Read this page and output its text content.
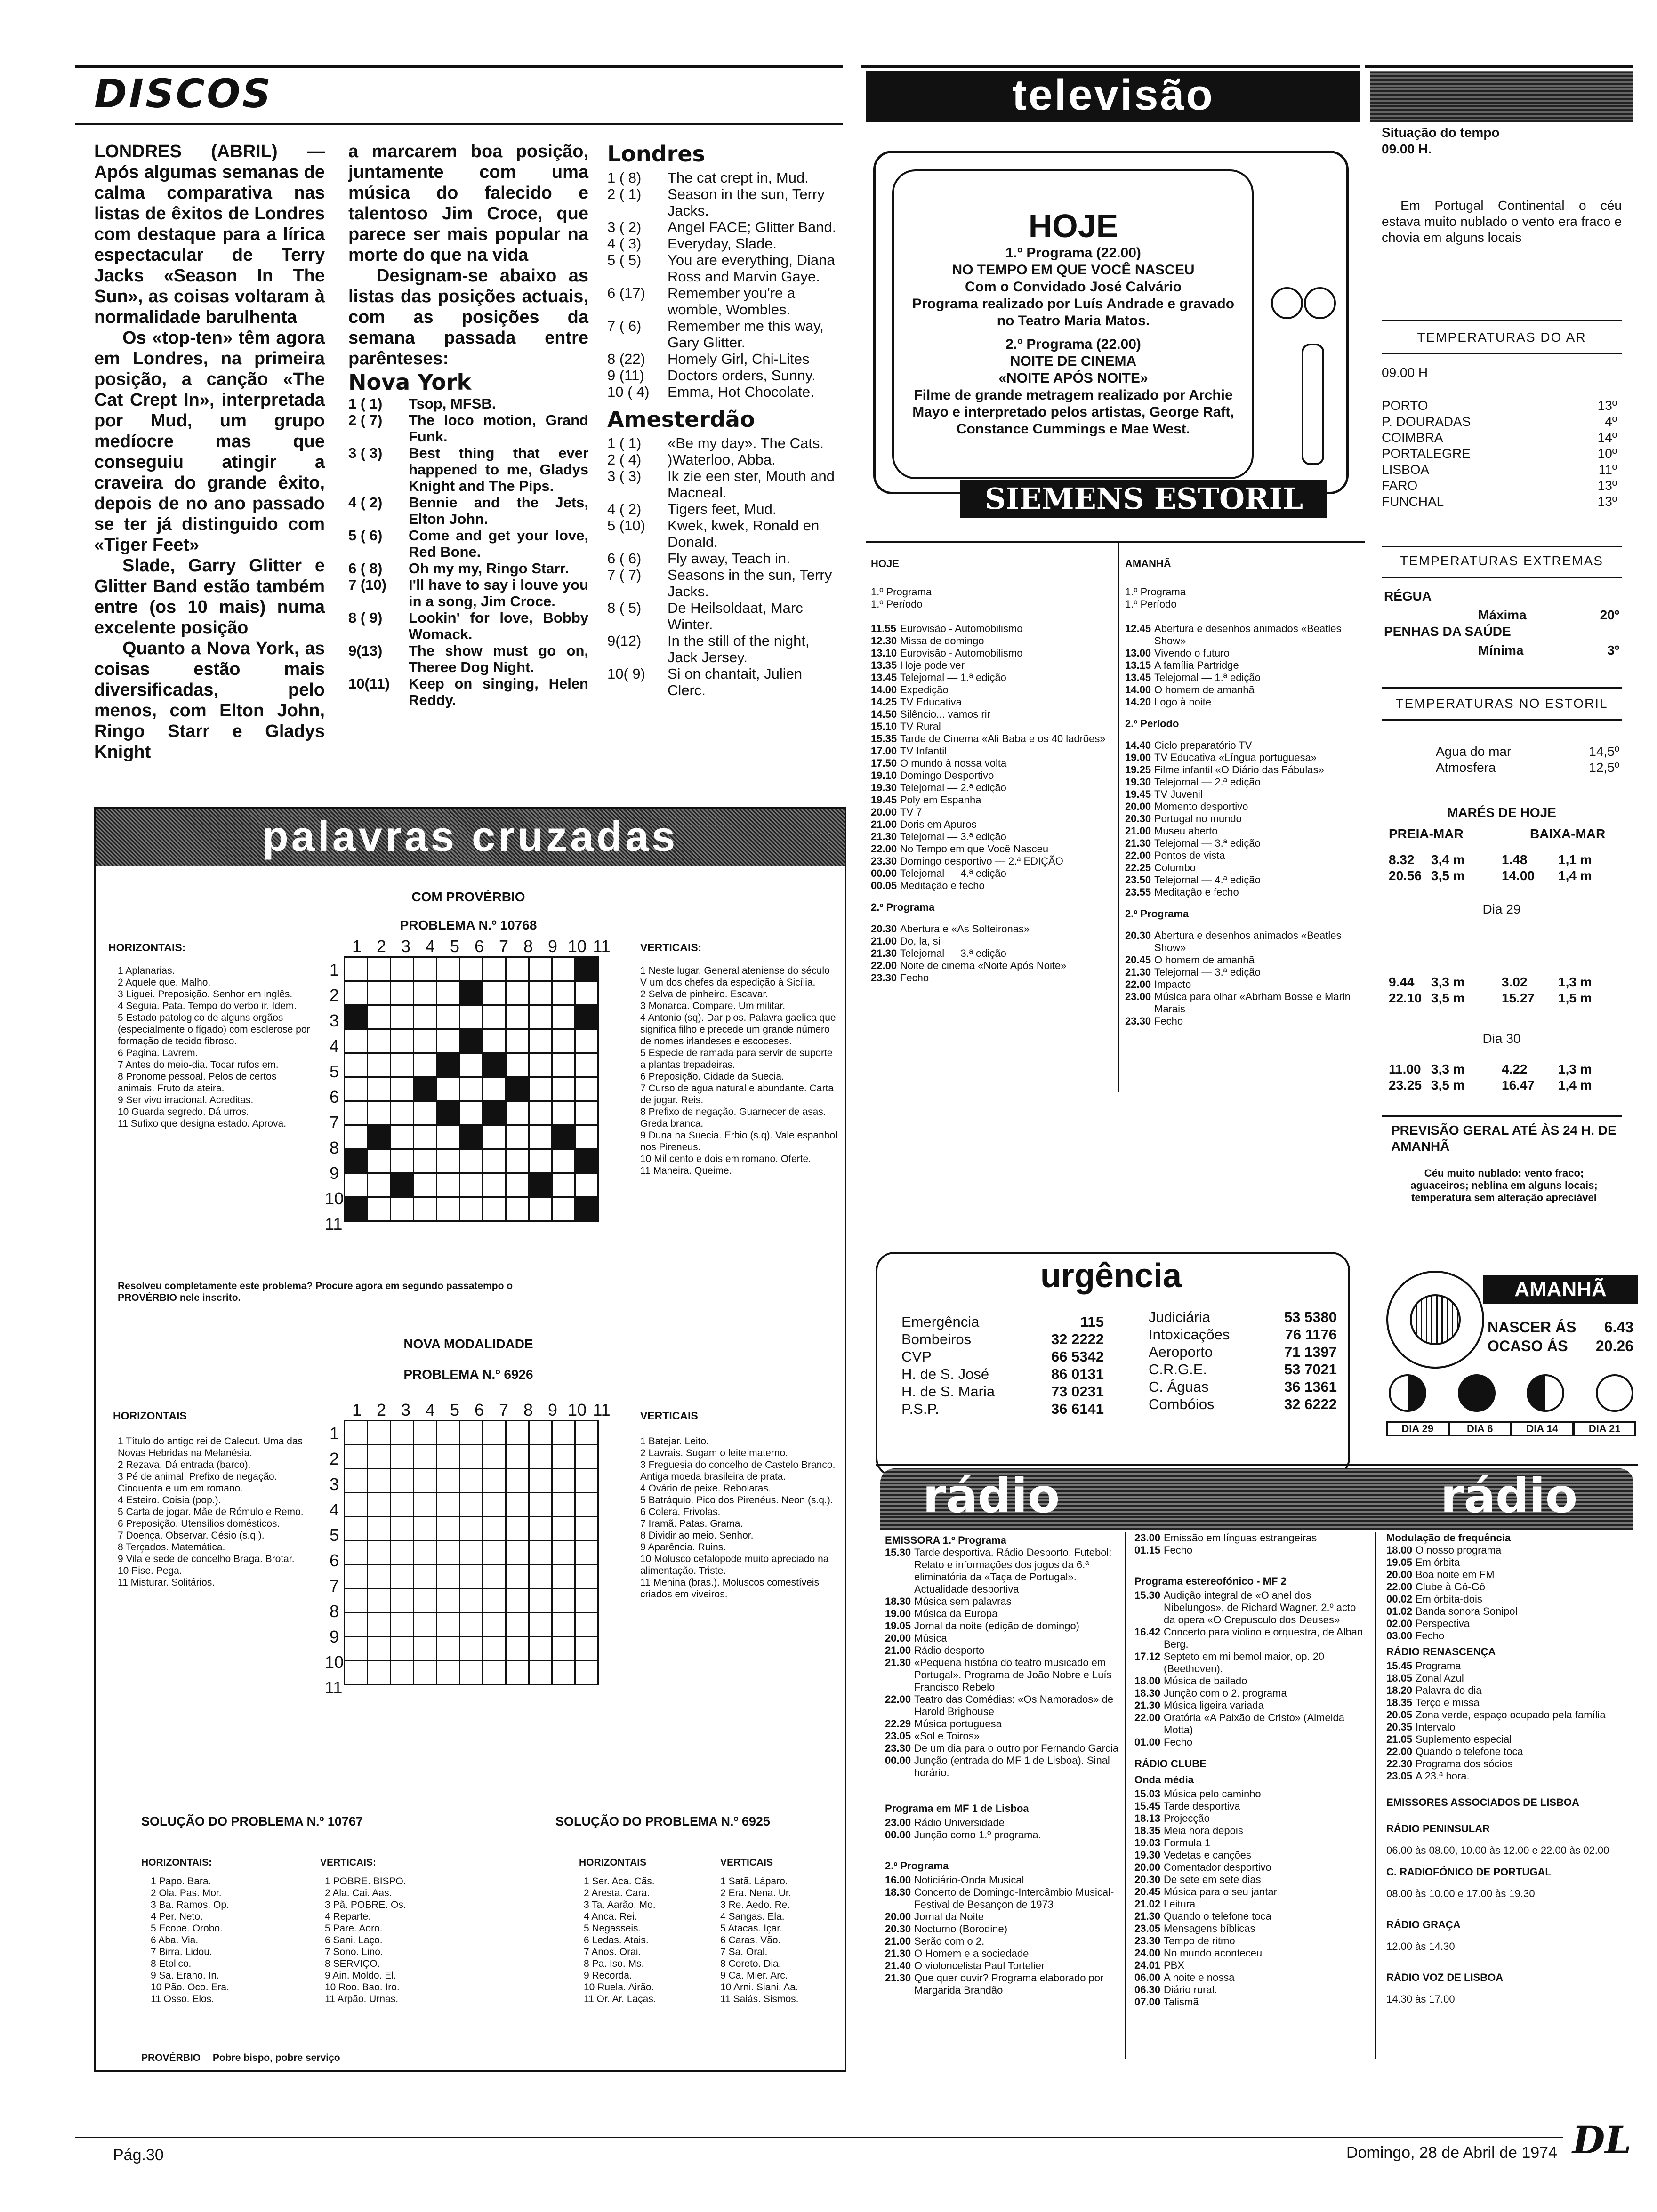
DISCOS

LONDRES (ABRIL) — Após algumas semanas de calma comparativa nas listas de êxitos de Londres com destaque para a lírica espectacular de Terry Jacks «Season In The Sun», as coisas voltaram à normalidade barulhenta

Os «top-ten» têm agora em Londres, na primeira posição, a canção «The Cat Crept In», interpretada por Mud, um grupo medíocre mas que conseguiu atingir a craveira do grande êxito, depois de no ano passado se ter já distinguido com «Tiger Feet»

Slade, Garry Glitter e Glitter Band estão também entre (os 10 mais) numa excelente posição

Quanto a Nova York, as coisas estão mais diversificadas, pelo menos, com Elton John, Ringo Starr e Gladys Knight

a marcarem boa posição, juntamente com uma música do falecido e talentoso Jim Croce, que parece ser mais popular na morte do que na vida

Designam-se abaixo as listas das posições actuais, com as posições da semana passada entre parênteses:

Nova York
1 ( 1)	Tsop, MFSB.
2 ( 7)	The loco motion, Grand Funk.
3 ( 3)	Best thing that ever happened to me, Gladys Knight and The Pips.
4 ( 2)	Bennie and the Jets, Elton John.
5 ( 6)	Come and get your love, Red Bone.
6 ( 8)	Oh my my, Ringo Starr.
7 (10)	I'll have to say i louve you in a song, Jim Croce.
8 ( 9)	Lookin' for love, Bobby Womack.
9(13)	The show must go on, Theree Dog Night.
10(11)	Keep on singing, Helen Reddy.
Londres
1 ( 8)	The cat crept in, Mud.
2 ( 1)	Season in the sun, Terry Jacks.
3 ( 2)	Angel FACE; Glitter Band.
4 ( 3)	Everyday, Slade.
5 ( 5)	You are everything, Diana Ross and Marvin Gaye.
6 (17)	Remember you're a womble, Wombles.
7 ( 6)	Remember me this way, Gary Glitter.
8 (22)	Homely Girl, Chi-Lites
9 (11)	Doctors orders, Sunny.
10 ( 4)	Emma, Hot Chocolate.
Amesterdão
1 ( 1)	«Be my day». The Cats.
2 ( 4)	)Waterloo, Abba.
3 ( 3)	Ik zie een ster, Mouth and Macneal.
4 ( 2)	Tigers feet, Mud.
5 (10)	Kwek, kwek, Ronald en Donald.
6 ( 6)	Fly away, Teach in.
7 ( 7)	Seasons in the sun, Terry Jacks.
8 ( 5)	De Heilsoldaat, Marc Winter.
9(12)	In the still of the night, Jack Jersey.
10( 9)	Si on chantait, Julien Clerc.
palavras cruzadas
COM PROVÉRBIO
PROBLEMA N.º 10768
HORIZONTAIS:
1 Aplanarias.
2 Aquele que. Malho.
3 Liguei. Preposição. Senhor em inglês.
4 Seguia. Pata. Tempo do verbo ir. Idem.
5 Estado patologico de alguns orgãos (especialmente o fígado) com esclerose por formação de tecido fibroso.
6 Pagina. Lavrem.
7 Antes do meio-dia. Tocar rufos em.
8 Pronome pessoal. Pelos de certos animais. Fruto da ateira.
9 Ser vivo irracional. Acreditas.
10 Guarda segredo. Dá urros.
11 Sufixo que designa estado. Aprova.
1 2 3 4 5 6 7 8 9 10 11

1
2
3
4
5
6
7
8
9
10
11
VERTICAIS:
1 Neste lugar. General ateniense do século V um dos chefes da espedição à Sicília.
2 Selva de pinheiro. Escavar.
3 Monarca. Compare. Um militar.
4 Antonio (sq). Dar pios. Palavra gaelica que significa filho e precede um grande número de nomes irlandeses e escoceses.
5 Especie de ramada para servir de suporte a plantas trepadeiras.
6 Preposição. Cidade da Suecia.
7 Curso de agua natural e abundante. Carta de jogar. Reis.
8 Prefixo de negação. Guarnecer de asas. Greda branca.
9 Duna na Suecia. Erbio (s.q). Vale espanhol nos Pireneus.
10 Mil cento e dois em romano. Oferte.
11 Maneira. Queime.
Resolveu completamente este problema? Procure agora em segundo passatempo o PROVÉRBIO nele inscrito.
NOVA MODALIDADE
PROBLEMA N.º 6926
HORIZONTAIS
1 Título do antigo rei de Calecut. Uma das Novas Hebridas na Melanésia.
2 Rezava. Dá entrada (barco).
3 Pé de animal. Prefixo de negação. Cinquenta e um em romano.
4 Esteiro. Coisia (pop.).
5 Carta de jogar. Mãe de Rómulo e Remo.
6 Preposição. Utensílios domésticos.
7 Doença. Observar. Césio (s.q.).
8 Terçados. Matemática.
9 Vila e sede de concelho Braga. Brotar.
10 Pise. Pega.
11 Misturar. Solitários.
1 2 3 4 5 6 7 8 9 10 11

1
2
3
4
5
6
7
8
9
10
11
VERTICAIS
1 Batejar. Leito.
2 Lavrais. Sugam o leite materno.
3 Freguesia do concelho de Castelo Branco. Antiga moeda brasileira de prata.
4 Ovário de peixe. Rebolaras.
5 Batráquio. Pico dos Pirenéus. Neon (s.q.).
6 Colera. Frivolas.
7 Iramã. Patas. Grama.
8 Dividir ao meio. Senhor.
9 Aparência. Ruins.
10 Molusco cefalopode muito apreciado na alimentação. Triste.
11 Menina (bras.). Moluscos comestíveis criados em viveiros.
SOLUÇÃO DO PROBLEMA N.º 10767
HORIZONTAIS:
1 Papo. Bara.
2 Ola. Pas. Mor.
3 Ba. Ramos. Op.
4 Per. Neto.
5 Ecope. Orobo.
6 Aba. Via.
7 Birra. Lidou.
8 Etolico.
9 Sa. Erano. In.
10 Pão. Oco. Era.
11 Osso. Elos.
VERTICAIS:
1 POBRE. BISPO.
2 Ala. Cai. Aas.
3 Pã. POBRE. Os.
4 Reparte.
5 Pare. Aoro.
6 Sani. Laço.
7 Sono. Lino.
8 SERVIÇO.
9 Ain. Moldo. El.
10 Roo. Bao. Iro.
11 Arpão. Urnas.
SOLUÇÃO DO PROBLEMA N.º 6925
HORIZONTAIS
1 Ser. Aca. Cãs.
2 Aresta. Cara.
3 Ta. Aarão. Mo.
4 Anca. Rei.
5 Negasseis.
6 Ledas. Atais.
7 Anos. Orai.
8 Pa. Iso. Ms.
9 Recorda.
10 Ruela. Airão.
11 Or. Ar. Laças.
VERTICAIS
1 Satã. Láparo.
2 Era. Nena. Ur.
3 Re. Aedo. Re.
4 Sangas. Ela.
5 Atacas. Içar.
6 Caras. Vão.
7 Sa. Oral.
8 Coreto. Dia.
9 Ca. Mier. Arc.
10 Arni. Siani. Aa.
11 Saiás. Sismos.
PROVÉRBIO Pobre bispo, pobre serviço
televisão
HOJE
1.º Programa (22.00)
NO TEMPO EM QUE VOCÊ NASCEU
Com o Convidado José Calvário
Programa realizado por Luís Andrade e gravado no Teatro Maria Matos.
2.º Programa (22.00)
NOITE DE CINEMA
«NOITE APÓS NOITE»
Filme de grande metragem realizado por Archie Mayo e interpretado pelos artistas, George Raft, Constance Cummings e Mae West.
SIEMENS ESTORIL
HOJE
1.º Programa
1.º Período
11.55 Eurovisão - Automobilismo
12.30 Missa de domingo
13.10 Eurovisão - Automobilismo
13.35 Hoje pode ver
13.45 Telejornal — 1.ª edição
14.00 Expedição
14.25 TV Educativa
14.50 Silêncio... vamos rir
15.10 TV Rural
15.35 Tarde de Cinema «Ali Baba e os 40 ladrões»
17.00 TV Infantil
17.50 O mundo à nossa volta
19.10 Domingo Desportivo
19.30 Telejornal — 2.ª edição
19.45 Poly em Espanha
20.00 TV 7
21.00 Doris em Apuros
21.30 Telejornal — 3.ª edição
22.00 No Tempo em que Você Nasceu
23.30 Domingo desportivo — 2.ª EDIÇÃO
00.00 Telejornal — 4.ª edição
00.05 Meditação e fecho
2.º Programa
20.30 Abertura e «As Solteironas»
21.00 Do, la, si
21.30 Telejornal — 3.ª edição
22.00 Noite de cinema «Noite Após Noite»
23.30 Fecho
AMANHÃ
1.º Programa
1.º Período
12.45 Abertura e desenhos animados «Beatles Show»
13.00 Vivendo o futuro
13.15 A família Partridge
13.45 Telejornal — 1.ª edição
14.00 O homem de amanhã
14.20 Logo à noite
2.º Período
14.40 Ciclo preparatório TV
19.00 TV Educativa «Língua portuguesa»
19.25 Filme infantil «O Diário das Fábulas»
19.30 Telejornal — 2.ª edição
19.45 TV Juvenil
20.00 Momento desportivo
20.30 Portugal no mundo
21.00 Museu aberto
21.30 Telejornal — 3.ª edição
22.00 Pontos de vista
22.25 Columbo
23.50 Telejornal — 4.ª edição
23.55 Meditação e fecho
2.º Programa
20.30 Abertura e desenhos animados «Beatles Show»
20.45 O homem de amanhã
21.30 Telejornal — 3.ª edição
22.00 Impacto
23.00 Música para olhar «Abrham Bosse e Marin Marais
23.30 Fecho
urgência
Emergência	115
Bombeiros	32 2222
CVP	66 5342
H. de S. José	86 0131
H. de S. Maria	73 0231
P.S.P.	36 6141
Judiciária	53 5380
Intoxicações	76 1176
Aeroporto	71 1397
C.R.G.E.	53 7021
C. Águas	36 1361
Combóios	32 6222
Situação do tempo
09.00 H.
Em Portugal Continental o céu estava muito nublado o vento era fraco e chovia em alguns locais
TEMPERATURAS DO AR
09.00 H
PORTO	13º
P. DOURADAS	4º
COIMBRA	14º
PORTALEGRE	10º
LISBOA	11º
FARO	13º
FUNCHAL	13º
TEMPERATURAS EXTREMAS
RÉGUA
Máxima	20º
PENHAS DA SAÚDE
Mínima	3º
TEMPERATURAS NO ESTORIL
Agua do mar	14,5º
Atmosfera	12,5º
MARÉS DE HOJE
PREIA-MAR	BAIXA-MAR
8.32	3,4 m	1.48	1,1 m
20.56 3,5 m	14.00	1,4 m
Dia 29
9.44	3,3 m	3.02	1,3 m
22.10 3,5 m	15.27	1,5 m
Dia 30
11.00 3,3 m	4.22	1,3 m
23.25 3,5 m	16.47	1,4 m
PREVISÃO GERAL ATÉ ÀS 24 H. DE AMANHÃ
Céu muito nublado; vento fraco; aguaceiros; neblina em alguns locais; temperatura sem alteração apreciável
AMANHÃ
NASCER ÁS 6.43
OCASO ÁS 20.26
DIA 29	DIA 6	DIA 14	DIA 21
rádio	rádio
EMISSORA 1.º Programa
15.30 Tarde desportiva. Rádio Desporto. Futebol: Relato e informações dos jogos da 6.ª eliminatória da «Taça de Portugal». Actualidade desportiva
18.30 Música sem palavras
19.00 Música da Europa
19.05 Jornal da noite (edição de domingo)
20.00 Música
21.00 Rádio desporto
21.30 «Pequena história do teatro musicado em Portugal». Programa de João Nobre e Luís Francisco Rebelo
22.00 Teatro das Comédias: «Os Namorados» de Harold Brighouse
22.29 Música portuguesa
23.05 «Sol e Toiros»
23.30 De um dia para o outro por Fernando Garcia
00.00 Junção (entrada do MF 1 de Lisboa). Sinal horário.
Programa em MF 1 de Lisboa
23.00 Rádio Universidade
00.00 Junção como 1.º programa.
2.º Programa
16.00 Noticiário-Onda Musical
18.30 Concerto de Domingo-Intercâmbio Musical-Festival de Besançon de 1973
20.00 Jornal da Noite
20.30 Nocturno (Borodine)
21.00 Serão com o 2.
21.30 O Homem e a sociedade
21.40 O violoncelista Paul Tortelier
21.30 Que quer ouvir? Programa elaborado por Margarida Brandão
23.00 Emissão em línguas estrangeiras
01.15 Fecho
Programa estereofónico - MF 2
15.30 Audição integral de «O anel dos Nibelungos», de Richard Wagner. 2.º acto da opera «O Crepusculo dos Deuses»
16.42 Concerto para violino e orquestra, de Alban Berg.
17.12 Septeto em mi bemol maior, op. 20 (Beethoven).
18.00 Música de bailado
18.30 Junção com o 2. programa
21.30 Música ligeira variada
22.00 Oratória «A Paixão de Cristo» (Almeida Motta)
01.00 Fecho
RÁDIO CLUBE
Onda média
15.03 Música pelo caminho
15.45 Tarde desportiva
18.13 Projecção
18.35 Meia hora depois
19.03 Formula 1
19.30 Vedetas e canções
20.00 Comentador desportivo
20.30 De sete em sete dias
20.45 Música para o seu jantar
21.02 Leitura
21.30 Quando o telefone toca
23.05 Mensagens bíblicas
23.30 Tempo de ritmo
24.00 No mundo aconteceu
24.01 PBX
06.00 A noite e nossa
06.30 Diário rural.
07.00 Talismã
Modulação de frequência
18.00 O nosso programa
19.05 Em órbita
20.00 Boa noite em FM
22.00 Clube à Gô-Gô
00.02 Em órbita-dois
01.02 Banda sonora Sonipol
02.00 Perspectiva
03.00 Fecho
RÁDIO RENASCENÇA
15.45 Programa
18.05 Zonal Azul
18.20 Palavra do dia
18.35 Terço e missa
20.05 Zona verde, espaço ocupado pela família
20.35 Intervalo
21.05 Suplemento especial
22.00 Quando o telefone toca
22.30 Programa dos sócios
23.05 A 23.ª hora.
EMISSORES ASSOCIADOS DE LISBOA
RÁDIO PENINSULAR
06.00 às 08.00, 10.00 às 12.00 e 22.00 às 02.00
C. RADIOFÓNICO DE PORTUGAL
08.00 às 10.00 e 17.00 às 19.30
RÁDIO GRAÇA
12.00 às 14.30
RÁDIO VOZ DE LISBOA
14.30 às 17.00
Pág.30	Domingo, 28 de Abril de 1974 DL
